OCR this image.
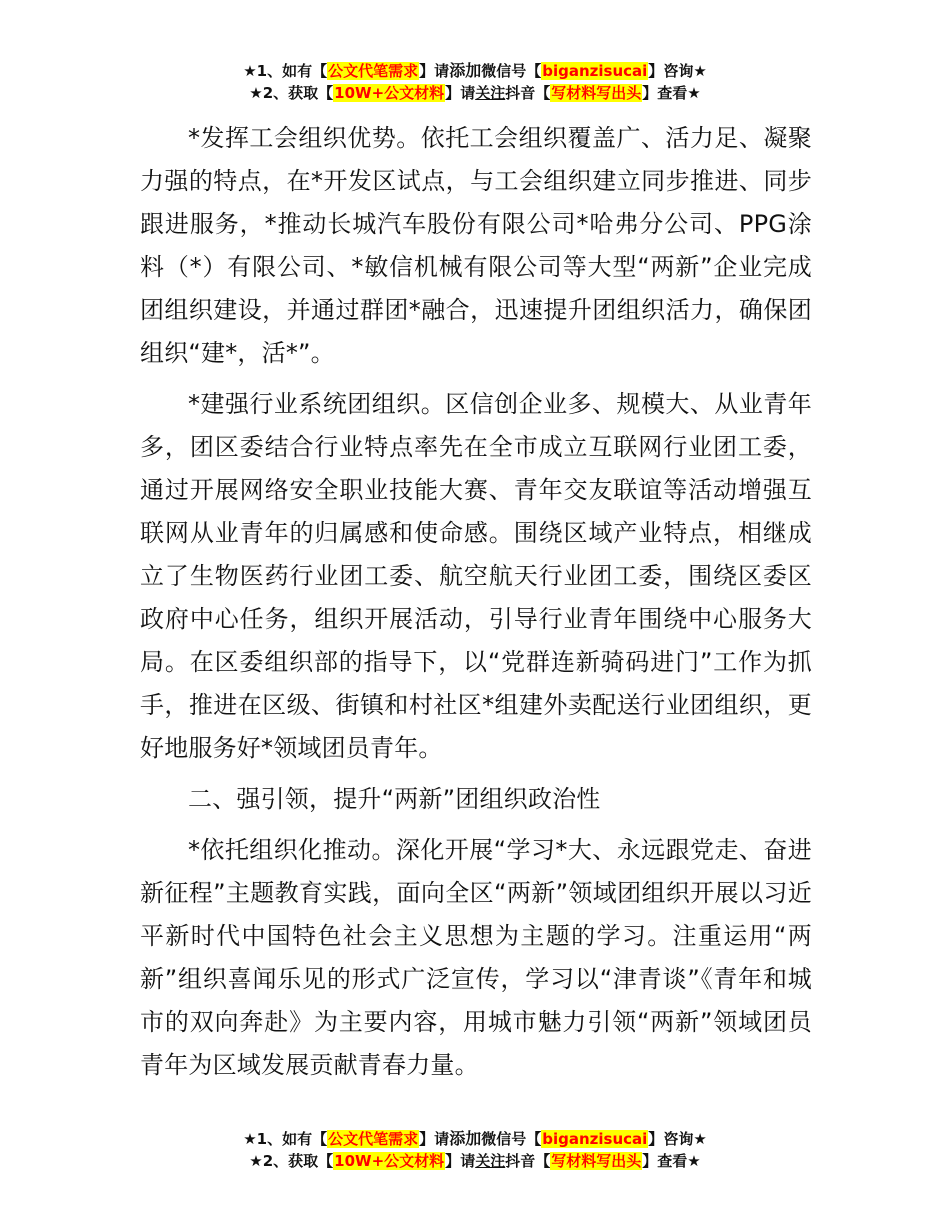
★1、如有【公文代笔需求】请添加微信号【biganzisucai】咨询★
★2、获取【10W+公文材料】请关注抖音【写材料写出头】查看★

*发挥工会组织优势。依托工会组织覆盖广、活力足、凝聚力强的特点，在*开发区试点，与工会组织建立同步推进、同步跟进服务，*推动长城汽车股份有限公司*哈弗分公司、PPG涂料（*）有限公司、*敏信机械有限公司等大型“两新”企业完成团组织建设，并通过群团*融合，迅速提升团组织活力，确保团组织“建*，活*”。

*建强行业系统团组织。区信创企业多、规模大、从业青年多，团区委结合行业特点率先在全市成立互联网行业团工委，通过开展网络安全职业技能大赛、青年交友联谊等活动增强互联网从业青年的归属感和使命感。围绕区域产业特点，相继成立了生物医药行业团工委、航空航天行业团工委，围绕区委区政府中心任务，组织开展活动，引导行业青年围绕中心服务大局。在区委组织部的指导下，以“党群连新骑码进门”工作为抓手，推进在区级、街镇和村社区*组建外卖配送行业团组织，更好地服务好*领域团员青年。

二、强引领，提升“两新”团组织政治性

*依托组织化推动。深化开展“学习*大、永远跟党走、奋进新征程”主题教育实践，面向全区“两新”领域团组织开展以习近平新时代中国特色社会主义思想为主题的学习。注重运用“两新”组织喜闻乐见的形式广泛宣传，学习以“津青谈”《青年和城市的双向奔赴》为主要内容，用城市魅力引领“两新”领域团员青年为区域发展贡献青春力量。

★1、如有【公文代笔需求】请添加微信号【biganzisucai】咨询★
★2、获取【10W+公文材料】请关注抖音【写材料写出头】查看★
